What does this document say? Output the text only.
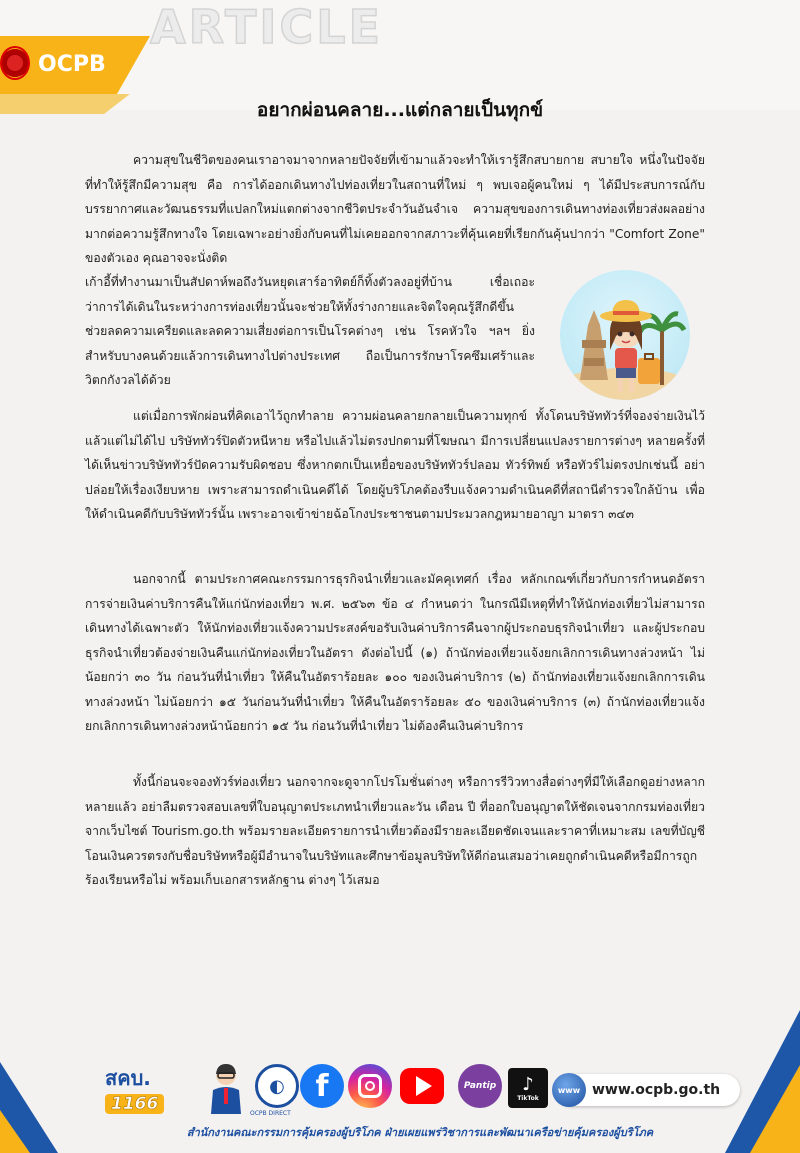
ARTICLE
OCPB
อยากผ่อนคลาย...แต่กลายเป็นทุกข์

ความสุขในชีวิตของคนเราอาจมาจากหลายปัจจัยที่เข้ามาแล้วจะทำให้เรารู้สึกสบายกาย สบายใจ หนึ่งในปัจจัยที่ทำให้รู้สึกมีความสุข คือ การได้ออกเดินทางไปท่องเที่ยวในสถานที่ใหม่ ๆ พบเจอผู้คนใหม่ ๆ ได้มีประสบการณ์กับบรรยากาศและวัฒนธรรมที่แปลกใหม่แตกต่างจากชีวิตประจำวันอันจำเจ ความสุขของการเดินทางท่องเที่ยวส่งผลอย่างมากต่อความรู้สึกทางใจ โดยเฉพาะอย่างยิ่งกับคนที่ไม่เคยออกจากสภาวะที่คุ้นเคยที่เรียกกันคุ้นปากว่า "Comfort Zone" ของตัวเอง คุณอาจจะนั่งติด

เก้าอี้ที่ทำงานมาเป็นสัปดาห์พอถึงวันหยุดเสาร์อาทิตย์ก็ทิ้งตัวลงอยู่ที่บ้าน เชื่อเถอะว่าการได้เดินในระหว่างการท่องเที่ยวนั้นจะช่วยให้ทั้งร่างกายและจิตใจคุณรู้สึกดีขึ้น ช่วยลดความเครียดและลดความเสี่ยงต่อการเป็นโรคต่างๆ เช่น โรคหัวใจ ฯลฯ ยิ่งสำหรับบางคนด้วยแล้วการเดินทางไปต่างประเทศ ถือเป็นการรักษาโรคซึมเศร้าและวิตกกังวลได้ด้วย

แต่เมื่อการพักผ่อนที่คิดเอาไว้ถูกทำลาย ความผ่อนคลายกลายเป็นความทุกข์ ทั้งโดนบริษัททัวร์ที่จองจ่ายเงินไว้แล้วแต่ไม่ได้ไป บริษัททัวร์ปิดตัวหนีหาย หรือไปแล้วไม่ตรงปกตามที่โฆษณา มีการเปลี่ยนแปลงรายการต่างๆ หลายครั้งที่ได้เห็นข่าวบริษัททัวร์ปัดความรับผิดชอบ ซึ่งหากตกเป็นเหยื่อของบริษัททัวร์ปลอม ทัวร์ทิพย์ หรือทัวร์ไม่ตรงปกเช่นนี้ อย่าปล่อยให้เรื่องเงียบหาย เพราะสามารถดำเนินคดีได้ โดยผู้บริโภคต้องรีบแจ้งความดำเนินคดีที่สถานีตำรวจใกล้บ้าน เพื่อให้ดำเนินคดีกับบริษัททัวร์นั้น เพราะอาจเข้าข่ายฉ้อโกงประชาชนตามประมวลกฎหมายอาญา มาตรา ๓๔๓

นอกจากนี้ ตามประกาศคณะกรรมการธุรกิจนำเที่ยวและมัคคุเทศก์ เรื่อง หลักเกณฑ์เกี่ยวกับการกำหนดอัตราการจ่ายเงินค่าบริการคืนให้แก่นักท่องเที่ยว พ.ศ. ๒๕๖๓ ข้อ ๔ กำหนดว่า ในกรณีมีเหตุที่ทำให้นักท่องเที่ยวไม่สามารถเดินทางได้เฉพาะตัว ให้นักท่องเที่ยวแจ้งความประสงค์ขอรับเงินค่าบริการคืนจากผู้ประกอบธุรกิจนำเที่ยว และผู้ประกอบธุรกิจนำเที่ยวต้องจ่ายเงินคืนแก่นักท่องเที่ยวในอัตรา ดังต่อไปนี้ (๑) ถ้านักท่องเที่ยวแจ้งยกเลิกการเดินทางล่วงหน้า ไม่น้อยกว่า ๓๐ วัน ก่อนวันที่นำเที่ยว ให้คืนในอัตราร้อยละ ๑๐๐ ของเงินค่าบริการ (๒) ถ้านักท่องเที่ยวแจ้งยกเลิกการเดินทางล่วงหน้า ไม่น้อยกว่า ๑๕ วันก่อนวันที่นำเที่ยว ให้คืนในอัตราร้อยละ ๕๐ ของเงินค่าบริการ (๓) ถ้านักท่องเที่ยวแจ้งยกเลิกการเดินทางล่วงหน้าน้อยกว่า ๑๕ วัน ก่อนวันที่นำเที่ยว ไม่ต้องคืนเงินค่าบริการ

ทั้งนี้ก่อนจะจองทัวร์ท่องเที่ยว นอกจากจะดูจากโปรโมชั่นต่างๆ หรือการรีวิวทางสื่อต่างๆที่มีให้เลือกดูอย่างหลากหลายแล้ว อย่าลืมตรวจสอบเลขที่ใบอนุญาตประเภทนำเที่ยวและวัน เดือน ปี ที่ออกใบอนุญาตให้ชัดเจนจากกรมท่องเที่ยว จากเว็บไซต์ Tourism.go.th พร้อมรายละเอียดรายการนำเที่ยวต้องมีรายละเอียดชัดเจนและราคาที่เหมาะสม เลขที่บัญชีโอนเงินควรตรงกับชื่อบริษัทหรือผู้มีอำนาจในบริษัทและศึกษาข้อมูลบริษัทให้ดีก่อนเสมอว่าเคยถูกดำเนินคดีหรือมีการถูกร้องเรียนหรือไม่ พร้อมเก็บเอกสารหลักฐาน ต่างๆ ไว้เสมอ

สคบ.
1166
◐
OCPB DIRECT
f	Pantip	♪
TikTok
www www.ocpb.go.th
สำนักงานคณะกรรมการคุ้มครองผู้บริโภค ฝ่ายเผยแพร่วิชาการและพัฒนาเครือข่ายคุ้มครองผู้บริโภค
